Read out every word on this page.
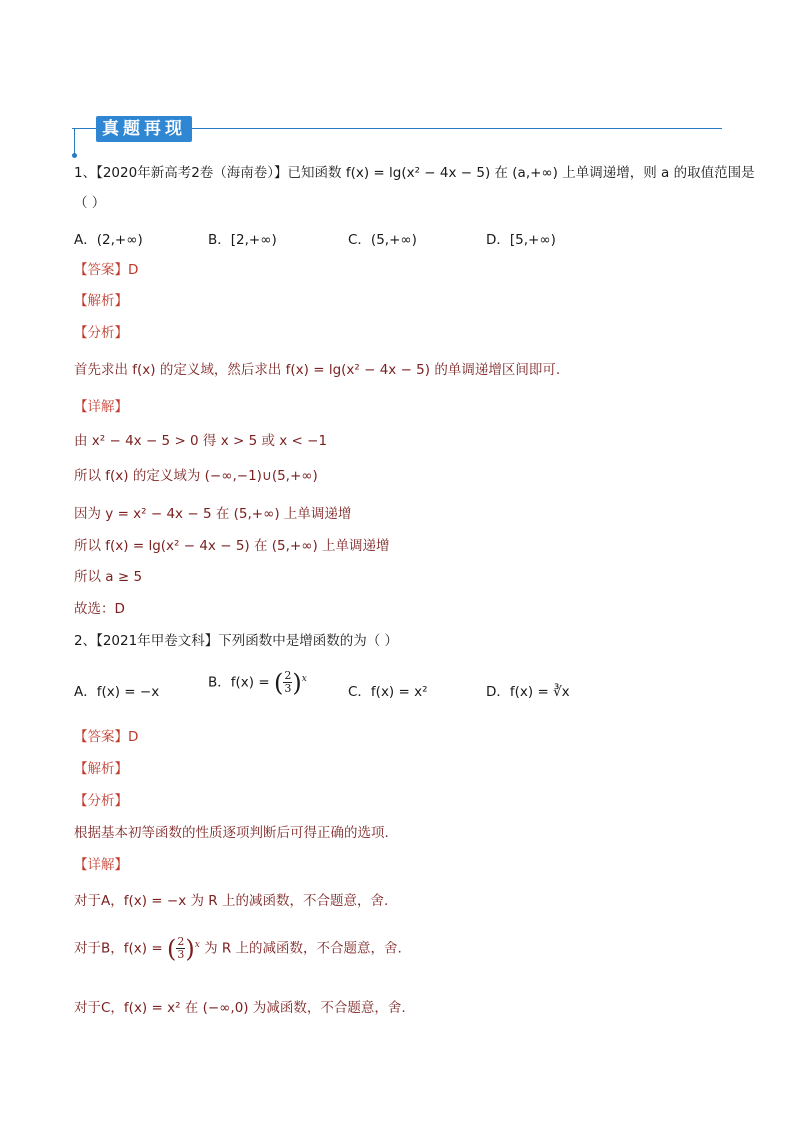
真题再现
1、【2020年新高考2卷（海南卷）】已知函数 f(x) = lg(x² − 4x − 5) 在 (a,+∞) 上单调递增，则 a 的取值范围是
（ ）
A．(2,+∞)	B．[2,+∞)	C．(5,+∞)	D．[5,+∞)
【答案】D
【解析】
【分析】
首先求出 f(x) 的定义域，然后求出 f(x) = lg(x² − 4x − 5) 的单调递增区间即可.
【详解】
由 x² − 4x − 5 > 0 得 x > 5 或 x < −1
所以 f(x) 的定义域为 (−∞,−1)∪(5,+∞)
因为 y = x² − 4x − 5 在 (5,+∞) 上单调递增
所以 f(x) = lg(x² − 4x − 5) 在 (5,+∞) 上单调递增
所以 a ≥ 5
故选：D
2、【2021年甲卷文科】下列函数中是增函数的为（ ）
A．f(x) = −x
B．f(x) = ( $\frac{2}{3} )^x$
C．f(x) = x²	D．f(x) = ∛x
【答案】D
【解析】
【分析】
根据基本初等函数的性质逐项判断后可得正确的选项.
【详解】
对于A，f(x) = −x 为 R 上的减函数，不合题意，舍.
对于B，f(x) = ( $\frac{2}{3} )^x$ 为 R 上的减函数，不合题意，舍.
对于C，f(x) = x² 在 (−∞,0) 为减函数，不合题意，舍.
